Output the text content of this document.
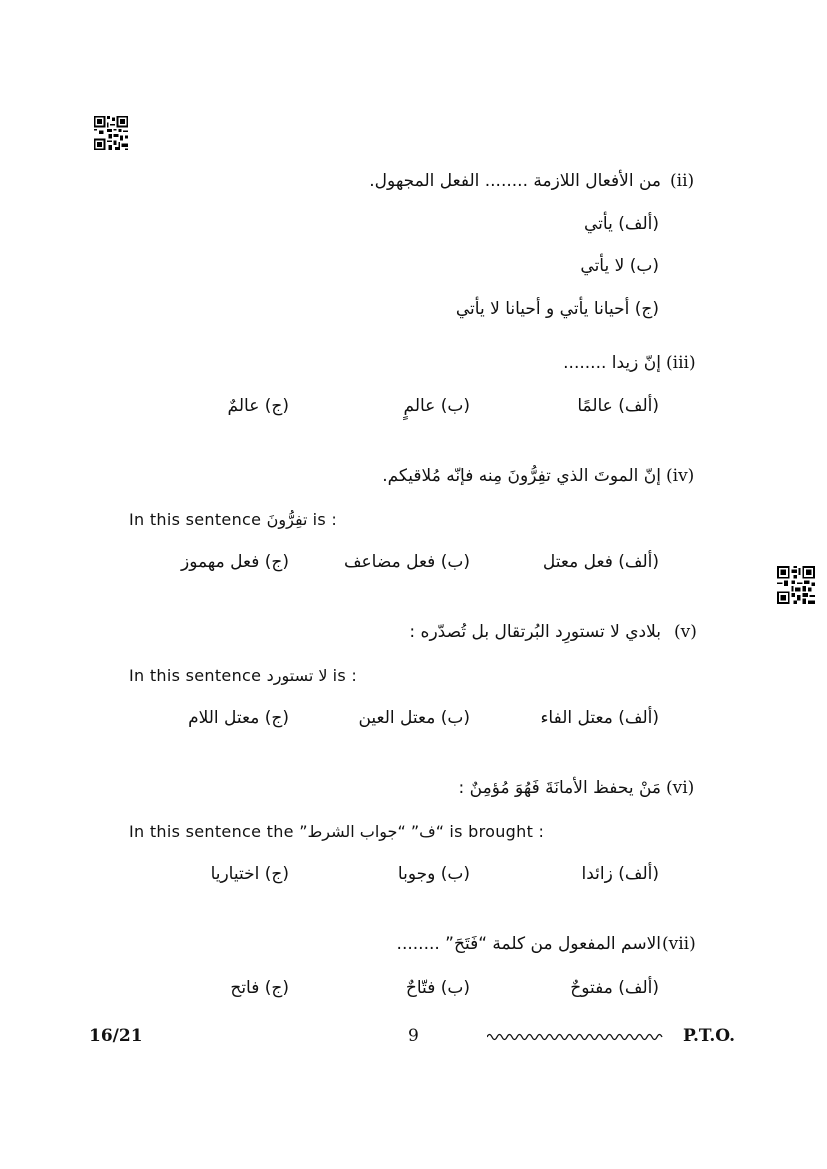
(ii)
من الأفعال اللازمة ........ الفعل المجهول.
(ألف) يأتي
(ب) لا يأتي
(ج) أحيانا يأتي و أحيانا لا يأتي
(iii)
إنّ زيدا ........
(ألف) عالمًا
(ب) عالمٍ
(ج) عالمٌ
(iv)
إنّ الموتَ الذي تفِرُّونَ مِنه فإنّه مُلاقيكم.
In this sentence تفِرُّونَ is :
(ألف) فعل معتل
(ب) فعل مضاعف
(ج) فعل مهموز
(v)
بلادي لا تستورِد البُرتقال بل تُصدّره :
In this sentence لا تستورد is :
(ألف) معتل الفاء
(ب) معتل العين
(ج) معتل اللام
(vi)
مَنْ يحفظ الأمانَةَ فَهُوَ مُؤمِنٌ :
In this sentence the “ف” “جواب الشرط” is brought :
(ألف) زائدا
(ب) وجوبا
(ج) اختياريا
(vii)
الاسم المفعول من كلمة “فَتَحَ” ........
(ألف) مفتوحٌ
(ب) فتّاحٌ
(ج) فاتح
16/21	9	P.T.O.
